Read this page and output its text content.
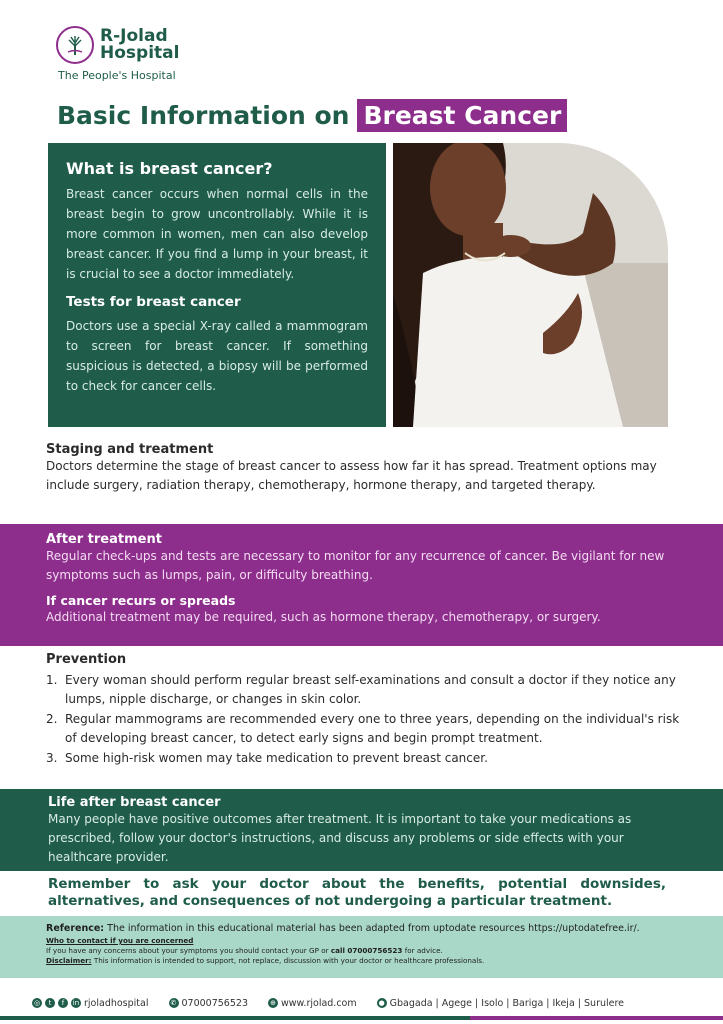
R-Jolad
Hospital
The People's Hospital
Basic Information on Breast Cancer
What is breast cancer?

Breast cancer occurs when normal cells in the breast begin to grow uncontrollably. While it is more common in women, men can also develop breast cancer. If you find a lump in your breast, it is crucial to see a doctor immediately.

Tests for breast cancer

Doctors use a special X-ray called a mammogram to screen for breast cancer. If something suspicious is detected, a biopsy will be performed to check for cancer cells.

Staging and treatment
Doctors determine the stage of breast cancer to assess how far it has spread. Treatment options may include surgery, radiation therapy, chemotherapy, hormone therapy, and targeted therapy.
After treatment
Regular check-ups and tests are necessary to monitor for any recurrence of cancer. Be vigilant for new symptoms such as lumps, pain, or difficulty breathing.
If cancer recurs or spreads
Additional treatment may be required, such as hormone therapy, chemotherapy, or surgery.
Prevention
1. Every woman should perform regular breast self-examinations and consult a doctor if they notice any lumps, nipple discharge, or changes in skin color.
2. Regular mammograms are recommended every one to three years, depending on the individual's risk of developing breast cancer, to detect early signs and begin prompt treatment.
3. Some high-risk women may take medication to prevent breast cancer.
Life after breast cancer
Many people have positive outcomes after treatment. It is important to take your medications as prescribed, follow your doctor's instructions, and discuss any problems or side effects with your healthcare provider.
Remember to ask your doctor about the benefits, potential downsides, alternatives, and consequences of not undergoing a particular treatment.
Reference: The information in this educational material has been adapted from uptodate resources https://uptodatefree.ir/.
Who to contact if you are concerned
If you have any concerns about your symptoms you should contact your GP or call 07000756523 for advice.
Disclaimer: This information is intended to support, not replace, discussion with your doctor or healthcare professionals.
◎	t	f	in rjoladhospital	✆ 07000756523	⊕ www.rjolad.com	● Gbagada | Agege | Isolo | Bariga | Ikeja | Surulere
